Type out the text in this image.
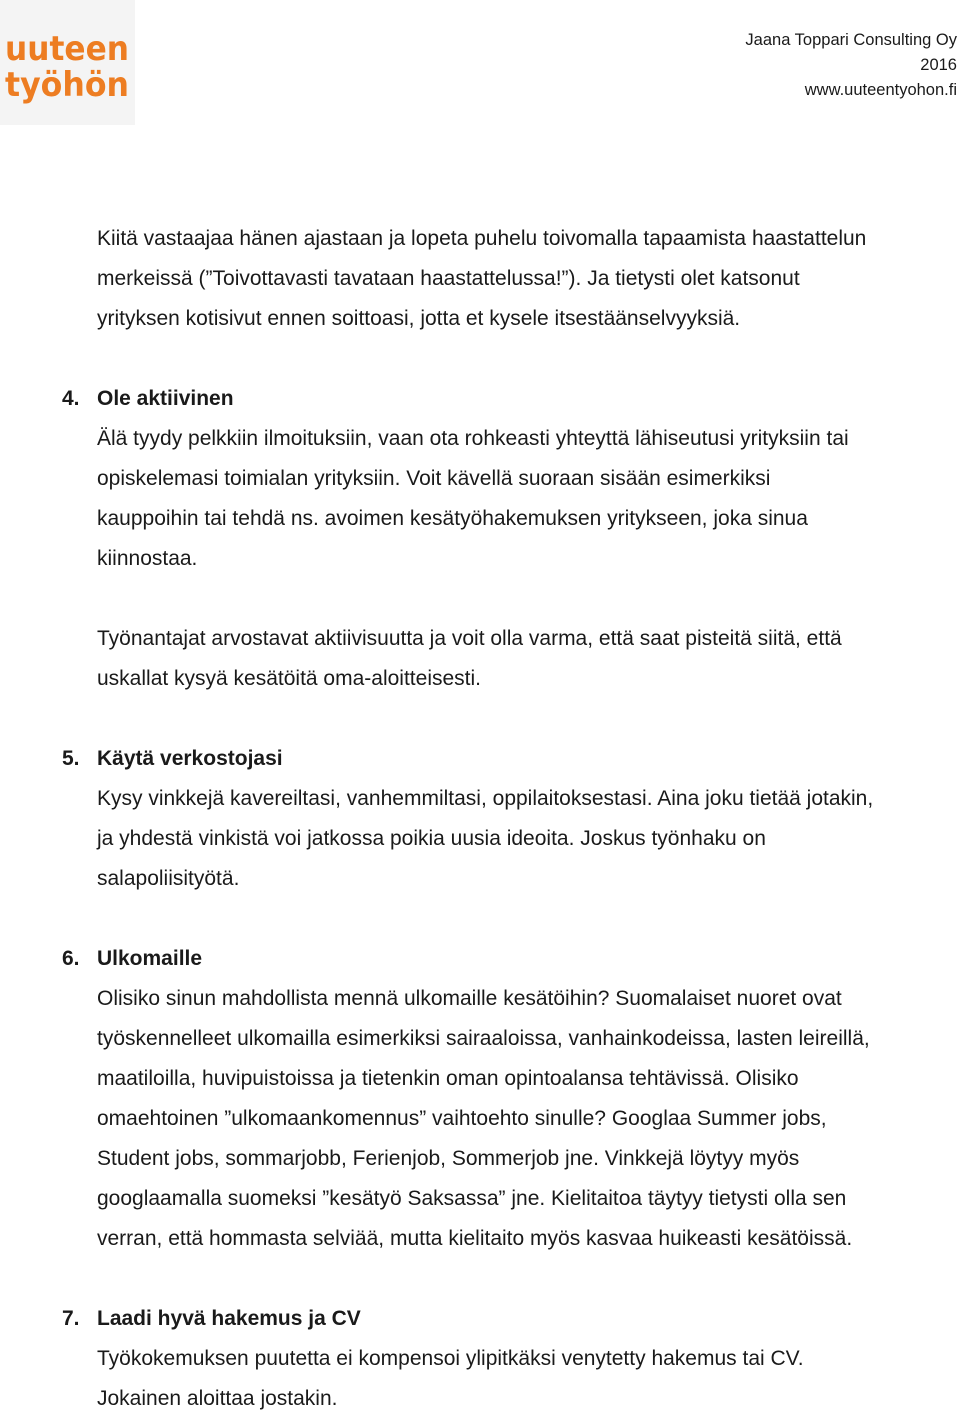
uuteen
työhön
Jaana Toppari Consulting Oy
2016
www.uuteentyohon.fi

Kiitä vastaajaa hänen ajastaan ja lopeta puhelu toivomalla tapaamista haastattelun
merkeissä (”Toivottavasti tavataan haastattelussa!”). Ja tietysti olet katsonut
yrityksen kotisivut ennen soittoasi, jotta et kysele itsestäänselvyyksiä.

4. Ole aktiivinen

Älä tyydy pelkkiin ilmoituksiin, vaan ota rohkeasti yhteyttä lähiseutusi yrityksiin tai
opiskelemasi toimialan yrityksiin. Voit kävellä suoraan sisään esimerkiksi
kauppoihin tai tehdä ns. avoimen kesätyöhakemuksen yritykseen, joka sinua
kiinnostaa.

Työnantajat arvostavat aktiivisuutta ja voit olla varma, että saat pisteitä siitä, että
uskallat kysyä kesätöitä oma-aloitteisesti.

5. Käytä verkostojasi

Kysy vinkkejä kavereiltasi, vanhemmiltasi, oppilaitoksestasi. Aina joku tietää jotakin,
ja yhdestä vinkistä voi jatkossa poikia uusia ideoita. Joskus työnhaku on
salapoliisityötä.

6. Ulkomaille

Olisiko sinun mahdollista mennä ulkomaille kesätöihin? Suomalaiset nuoret ovat
työskennelleet ulkomailla esimerkiksi sairaaloissa, vanhainkodeissa, lasten leireillä,
maatiloilla, huvipuistoissa ja tietenkin oman opintoalansa tehtävissä. Olisiko
omaehtoinen ”ulkomaankomennus” vaihtoehto sinulle? Googlaa Summer jobs,
Student jobs, sommarjobb, Ferienjob, Sommerjob jne. Vinkkejä löytyy myös
googlaamalla suomeksi ”kesätyö Saksassa” jne. Kielitaitoa täytyy tietysti olla sen
verran, että hommasta selviää, mutta kielitaito myös kasvaa huikeasti kesätöissä.

7. Laadi hyvä hakemus ja CV

Työkokemuksen puutetta ei kompensoi ylipitkäksi venytetty hakemus tai CV.
Jokainen aloittaa jostakin.
